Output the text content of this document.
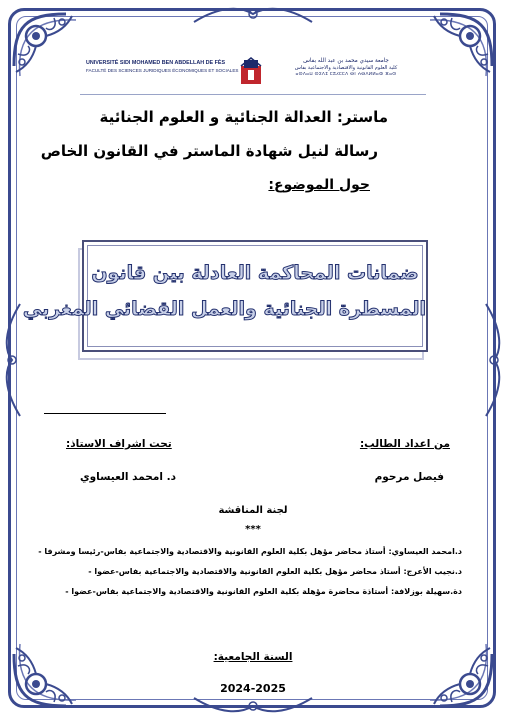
UNIVERSITÉ SIDI MOHAMED BEN ABDELLAH DE FÈS
FACULTÉ DES SCIENCES JURIDIQUES ÉCONOMIQUES ET SOCIALES
جامعة سيدي محمد بن عبد الله بفاس
كلية العلوم القانونية والاقتصادية والاجتماعية بفاس
ⴰⵙⴷⴰⵡ ⵙⵉⴷⵉ ⵎⵓⵃⵎⵎⴷ ⴱⵏ ⵄⴱⴷⵍⵍⴰⵀ ⴼⴰⵙ
ماستر: العدالة الجنائية و العلوم الجنائية
رسالة لنيل شهادة الماستر في القانون الخاص
حول الموضوع:
ضمانات المحاكمة العادلة بين قانون
المسطرة الجنائية والعمل القضائي المغربي
من اعداد الطالب:
تحت اشراف الاستاذ:
فيصل مرحوم
د. امحمد العيساوي
لجنة المناقشة
***
د.امحمد العيساوي: أستاذ محاضر مؤهل بكلية العلوم القانونية والاقتصادية والاجتماعية بفاس-رئيسا ومشرفا -
د.نجيب الأعرج: أستاذ محاضر مؤهل بكلية العلوم القانونية والاقتصادية والاجتماعية بفاس-عضوا -
دة.سهيلة بوزلافة: أستاذة محاضرة مؤهلة بكلية العلوم القانونية والاقتصادية والاجتماعية بفاس-عضوا -
السنة الجامعية:
2024-2025
